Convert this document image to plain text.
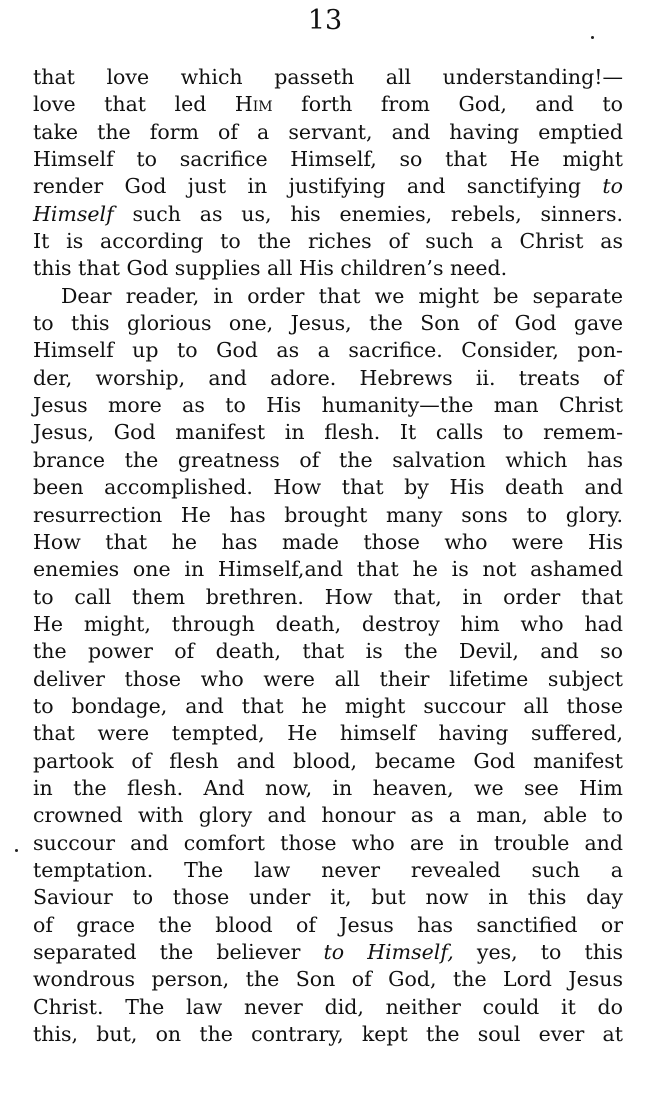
13
that love which passeth all understanding!—
love that led Him forth from God, and to
take the form of a servant, and having emptied
Himself to sacrifice Himself, so that He might
render God just in justifying and sanctifying to
Himself such as us, his enemies, rebels, sinners.
It is according to the riches of such a Christ as
this that God supplies all His children’s need.
Dear reader, in order that we might be separate
to this glorious one, Jesus, the Son of God gave
Himself up to God as a sacrifice. Consider, pon-
der, worship, and adore. Hebrews ii. treats of
Jesus more as to His humanity—the man Christ
Jesus, God manifest in flesh. It calls to remem-
brance the greatness of the salvation which has
been accomplished. How that by His death and
resurrection He has brought many sons to glory.
How that he has made those who were His
enemies one in Himself,and that he is not ashamed
to call them brethren. How that, in order that
He might, through death, destroy him who had
the power of death, that is the Devil, and so
deliver those who were all their lifetime subject
to bondage, and that he might succour all those
that were tempted, He himself having suffered,
partook of flesh and blood, became God manifest
in the flesh. And now, in heaven, we see Him
crowned with glory and honour as a man, able to
succour and comfort those who are in trouble and
temptation. The law never revealed such a
Saviour to those under it, but now in this day
of grace the blood of Jesus has sanctified or
separated the believer to Himself, yes, to this
wondrous person, the Son of God, the Lord Jesus
Christ. The law never did, neither could it do
this, but, on the contrary, kept the soul ever at
